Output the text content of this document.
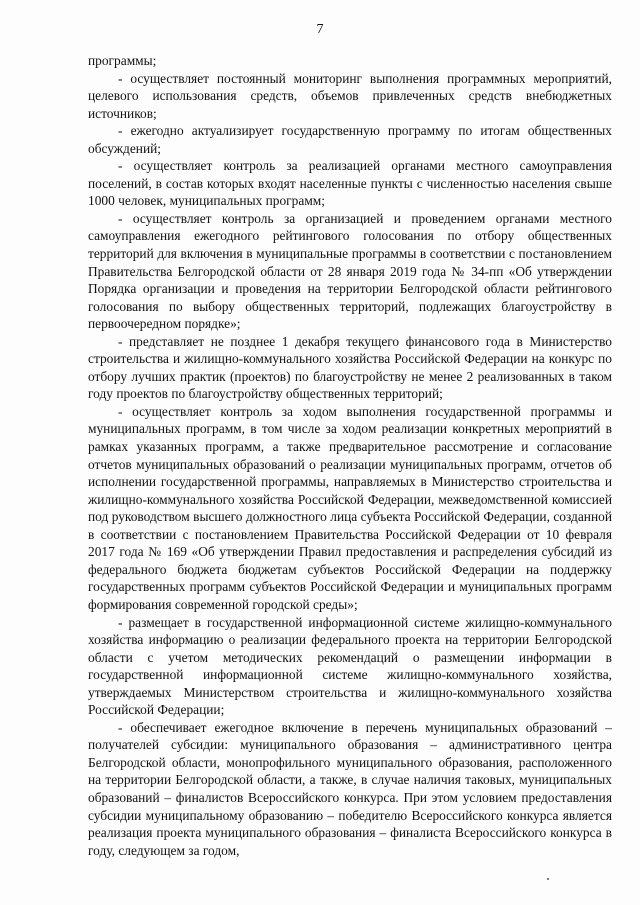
7

программы;

- осуществляет постоянный мониторинг выполнения программных мероприятий, целевого использования средств, объемов привлеченных средств внебюджетных источников;

- ежегодно актуализирует государственную программу по итогам общественных обсуждений;

- осуществляет контроль за реализацией органами местного самоуправления поселений, в состав которых входят населенные пункты с численностью населения свыше 1000 человек, муниципальных программ;

- осуществляет контроль за организацией и проведением органами местного самоуправления ежегодного рейтингового голосования по отбору общественных территорий для включения в муниципальные программы в соответствии с постановлением Правительства Белгородской области от 28 января 2019 года № 34-пп «Об утверждении Порядка организации и проведения на территории Белгородской области рейтингового голосования по выбору общественных территорий, подлежащих благоустройству в первоочередном порядке»;

- представляет не позднее 1 декабря текущего финансового года в Министерство строительства и жилищно-коммунального хозяйства Российской Федерации на конкурс по отбору лучших практик (проектов) по благоустройству не менее 2 реализованных в таком году проектов по благоустройству общественных территорий;

- осуществляет контроль за ходом выполнения государственной программы и муниципальных программ, в том числе за ходом реализации конкретных мероприятий в рамках указанных программ, а также предварительное рассмотрение и согласование отчетов муниципальных образований о реализации муниципальных программ, отчетов об исполнении государственной программы, направляемых в Министерство строительства и жилищно-коммунального хозяйства Российской Федерации, межведомственной комиссией под руководством высшего должностного лица субъекта Российской Федерации, созданной в соответствии с постановлением Правительства Российской Федерации от 10 февраля 2017 года № 169 «Об утверждении Правил предоставления и распределения субсидий из федерального бюджета бюджетам субъектов Российской Федерации на поддержку государственных программ субъектов Российской Федерации и муниципальных программ формирования современной городской среды»;

- размещает в государственной информационной системе жилищно-коммунального хозяйства информацию о реализации федерального проекта на территории Белгородской области с учетом методических рекомендаций о размещении информации в государственной информационной системе жилищно-коммунального хозяйства, утверждаемых Министерством строительства и жилищно-коммунального хозяйства Российской Федерации;

- обеспечивает ежегодное включение в перечень муниципальных образований – получателей субсидии: муниципального образования – административного центра Белгородской области, монопрофильного муниципального образования, расположенного на территории Белгородской области, а также, в случае наличия таковых, муниципальных образований – финалистов Всероссийского конкурса. При этом условием предоставления субсидии муниципальному образованию – победителю Всероссийского конкурса является реализация проекта муниципального образования – финалиста Всероссийского конкурса в году, следующем за годом,
